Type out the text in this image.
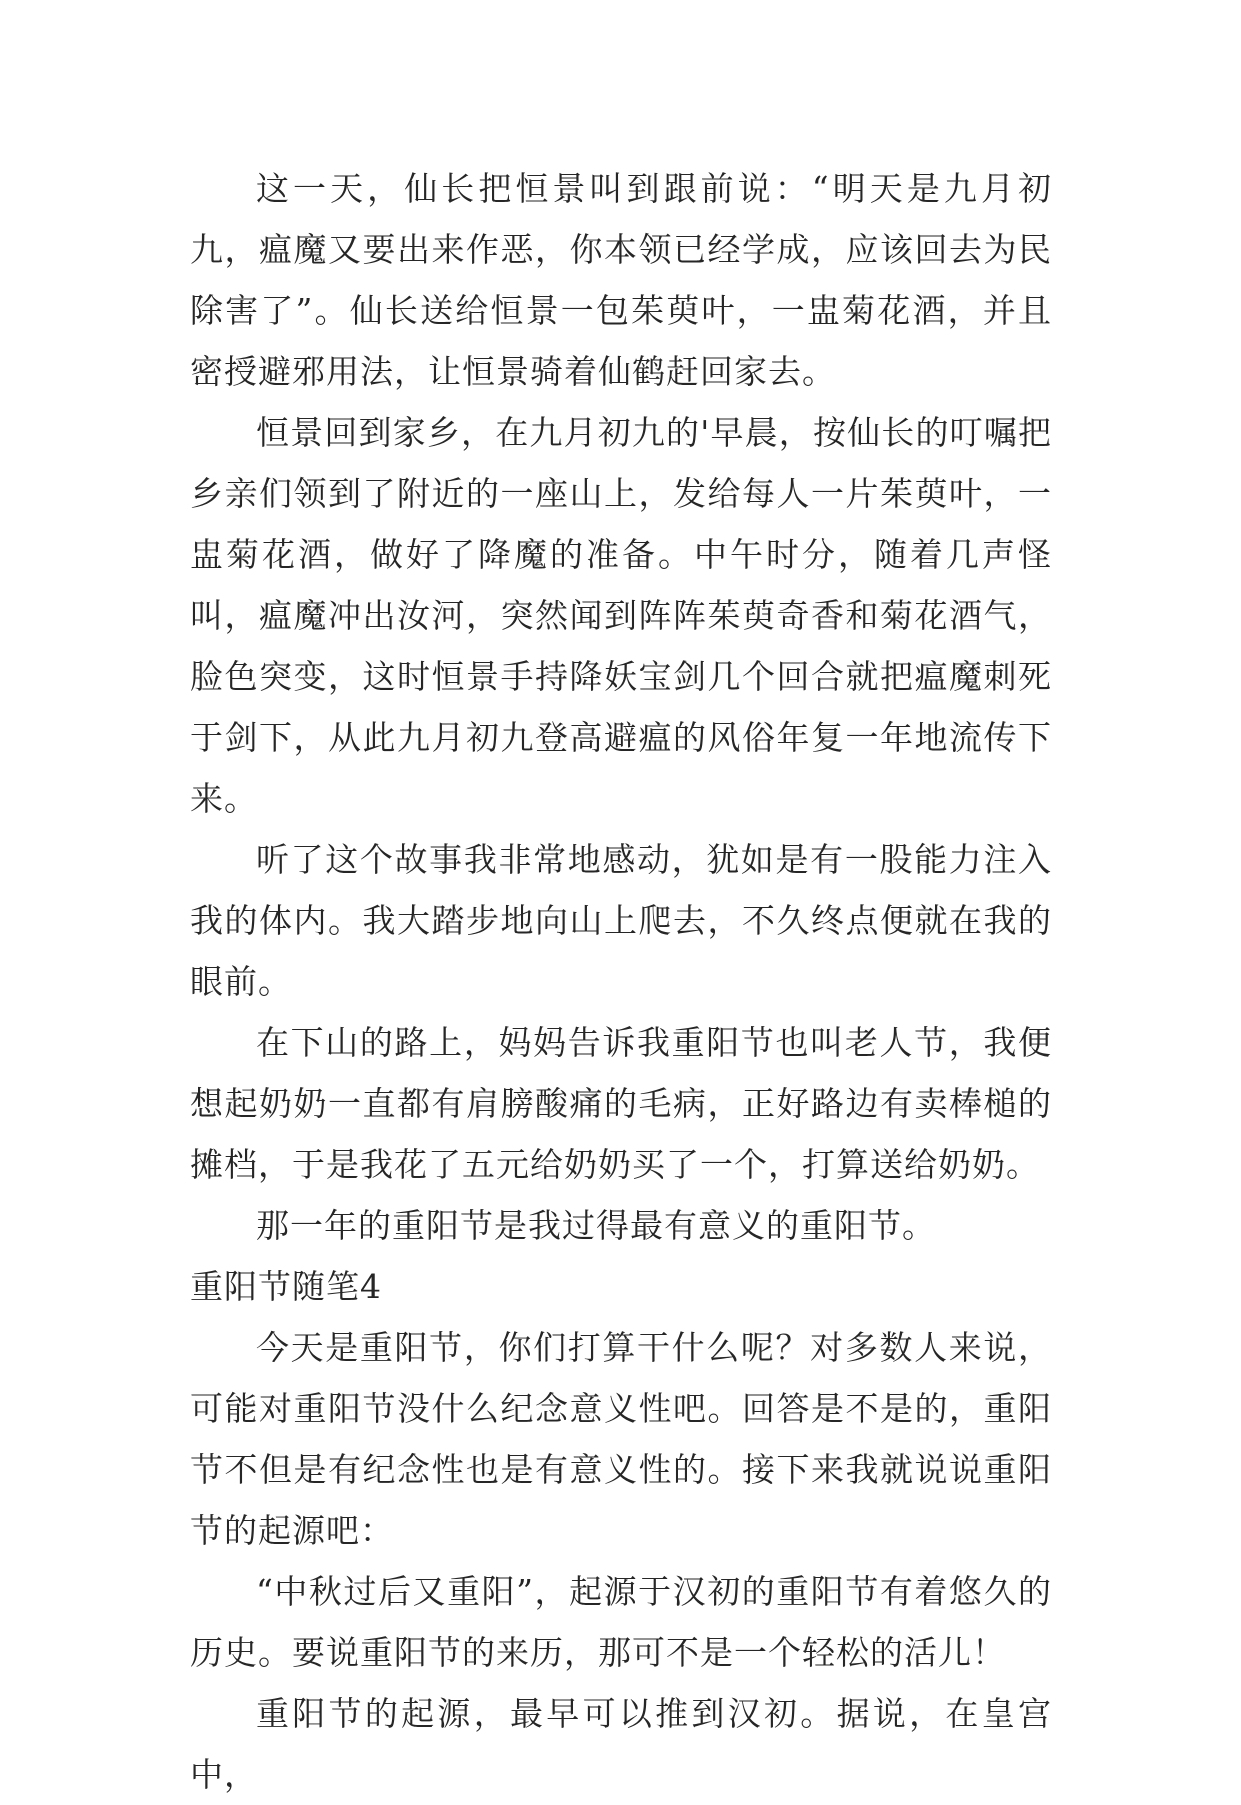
这一天，仙长把恒景叫到跟前说：“明天是九月初九，瘟魔又要出来作恶，你本领已经学成，应该回去为民除害了”。仙长送给恒景一包茱萸叶，一盅菊花酒，并且密授避邪用法，让恒景骑着仙鹤赶回家去。

恒景回到家乡，在九月初九的'早晨，按仙长的叮嘱把乡亲们领到了附近的一座山上，发给每人一片茱萸叶，一盅菊花酒，做好了降魔的准备。中午时分，随着几声怪叫，瘟魔冲出汝河，突然闻到阵阵茱萸奇香和菊花酒气，脸色突变，这时恒景手持降妖宝剑几个回合就把瘟魔刺死于剑下，从此九月初九登高避瘟的风俗年复一年地流传下来。

听了这个故事我非常地感动，犹如是有一股能力注入我的体内。我大踏步地向山上爬去，不久终点便就在我的眼前。

在下山的路上，妈妈告诉我重阳节也叫老人节，我便想起奶奶一直都有肩膀酸痛的毛病，正好路边有卖棒槌的摊档，于是我花了五元给奶奶买了一个，打算送给奶奶。

那一年的重阳节是我过得最有意义的重阳节。

重阳节随笔4

今天是重阳节，你们打算干什么呢？对多数人来说，可能对重阳节没什么纪念意义性吧。回答是不是的，重阳节不但是有纪念性也是有意义性的。接下来我就说说重阳节的起源吧：

“中秋过后又重阳”，起源于汉初的重阳节有着悠久的历史。要说重阳节的来历，那可不是一个轻松的活儿！

重阳节的起源，最早可以推到汉初。据说，在皇宫中，
